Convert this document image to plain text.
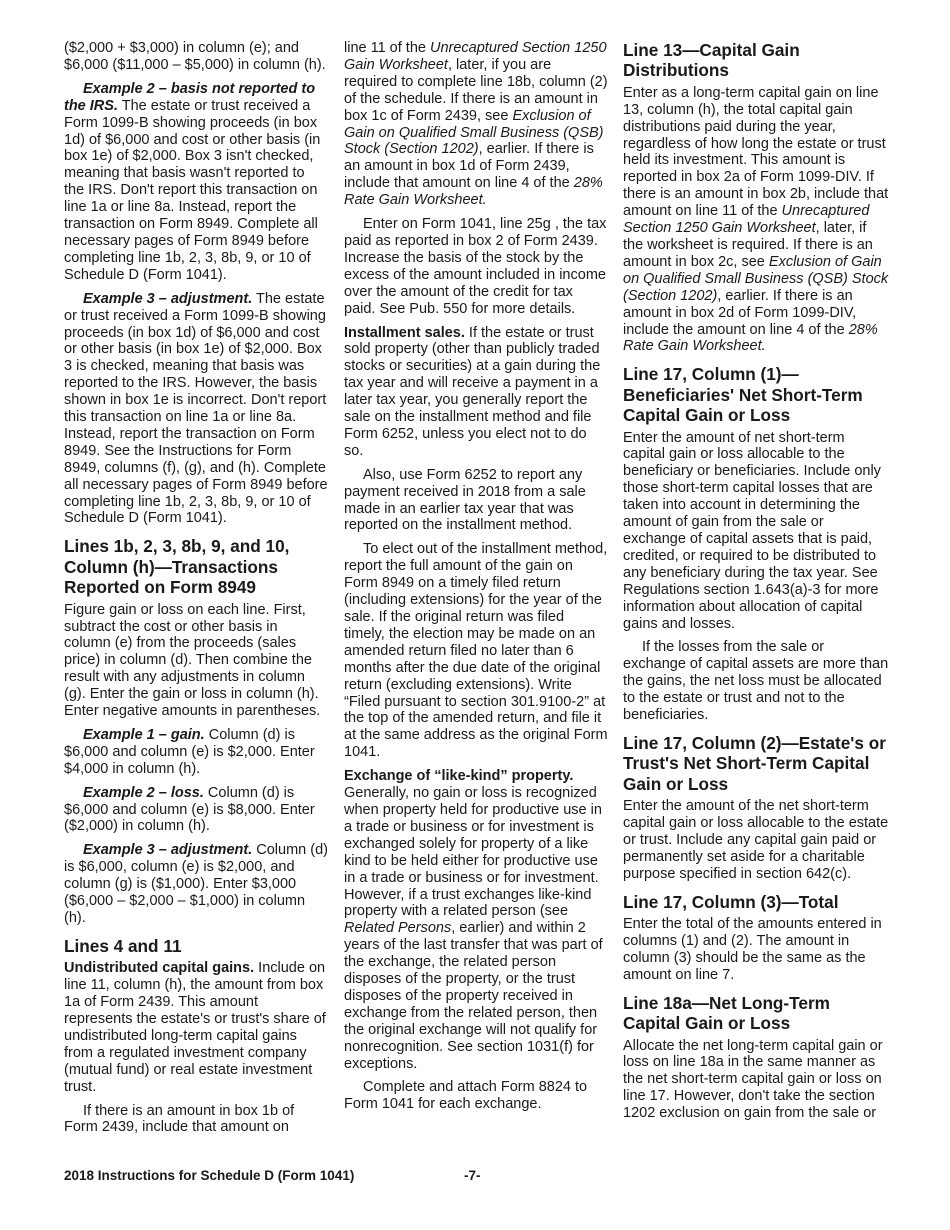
($2,000 + $3,000) in column (e); and $6,000 ($11,000 – $5,000) in column (h).

Example 2 – basis not reported to the IRS. The estate or trust received a Form 1099-B showing proceeds (in box 1d) of $6,000 and cost or other basis (in box 1e) of $2,000. Box 3 isn't checked, meaning that basis wasn't reported to the IRS. Don't report this transaction on line 1a or line 8a. Instead, report the transaction on Form 8949. Complete all necessary pages of Form 8949 before completing line 1b, 2, 3, 8b, 9, or 10 of Schedule D (Form 1041).

Example 3 – adjustment. The estate or trust received a Form 1099-B showing proceeds (in box 1d) of $6,000 and cost or other basis (in box 1e) of $2,000. Box 3 is checked, meaning that basis was reported to the IRS. However, the basis shown in box 1e is incorrect. Don't report this transaction on line 1a or line 8a. Instead, report the transaction on Form 8949. See the Instructions for Form 8949, columns (f), (g), and (h). Complete all necessary pages of Form 8949 before completing line 1b, 2, 3, 8b, 9, or 10 of Schedule D (Form 1041).

Lines 1b, 2, 3, 8b, 9, and 10, Column (h)—Transactions Reported on Form 8949

Figure gain or loss on each line. First, subtract the cost or other basis in column (e) from the proceeds (sales price) in column (d). Then combine the result with any adjustments in column (g). Enter the gain or loss in column (h). Enter negative amounts in parentheses.

Example 1 – gain. Column (d) is $6,000 and column (e) is $2,000. Enter $4,000 in column (h).

Example 2 – loss. Column (d) is $6,000 and column (e) is $8,000. Enter ($2,000) in column (h).

Example 3 – adjustment. Column (d) is $6,000, column (e) is $2,000, and column (g) is ($1,000). Enter $3,000 ($6,000 – $2,000 – $1,000) in column (h).

Lines 4 and 11

Undistributed capital gains. Include on line 11, column (h), the amount from box 1a of Form 2439. This amount represents the estate's or trust's share of undistributed long-term capital gains from a regulated investment company (mutual fund) or real estate investment trust.

If there is an amount in box 1b of Form 2439, include that amount on

line 11 of the Unrecaptured Section 1250 Gain Worksheet, later, if you are required to complete line 18b, column (2) of the schedule. If there is an amount in box 1c of Form 2439, see Exclusion of Gain on Qualified Small Business (QSB) Stock (Section 1202), earlier. If there is an amount in box 1d of Form 2439, include that amount on line 4 of the 28% Rate Gain Worksheet.

Enter on Form 1041, line 25g , the tax paid as reported in box 2 of Form 2439. Increase the basis of the stock by the excess of the amount included in income over the amount of the credit for tax paid. See Pub. 550 for more details.

Installment sales. If the estate or trust sold property (other than publicly traded stocks or securities) at a gain during the tax year and will receive a payment in a later tax year, you generally report the sale on the installment method and file Form 6252, unless you elect not to do so.

Also, use Form 6252 to report any payment received in 2018 from a sale made in an earlier tax year that was reported on the installment method.

To elect out of the installment method, report the full amount of the gain on Form 8949 on a timely filed return (including extensions) for the year of the sale. If the original return was filed timely, the election may be made on an amended return filed no later than 6 months after the due date of the original return (excluding extensions). Write “Filed pursuant to section 301.9100-2” at the top of the amended return, and file it at the same address as the original Form 1041.

Exchange of “like-kind” property.
Generally, no gain or loss is recognized when property held for productive use in a trade or business or for investment is exchanged solely for property of a like kind to be held either for productive use in a trade or business or for investment. However, if a trust exchanges like-kind property with a related person (see Related Persons, earlier) and within 2 years of the last transfer that was part of the exchange, the related person disposes of the property, or the trust disposes of the property received in exchange from the related person, then the original exchange will not qualify for nonrecognition. See section 1031(f) for exceptions.

Complete and attach Form 8824 to Form 1041 for each exchange.

Line 13—Capital Gain Distributions

Enter as a long-term capital gain on line 13, column (h), the total capital gain distributions paid during the year, regardless of how long the estate or trust held its investment. This amount is reported in box 2a of Form 1099-DIV. If there is an amount in box 2b, include that amount on line 11 of the Unrecaptured Section 1250 Gain Worksheet, later, if the worksheet is required. If there is an amount in box 2c, see Exclusion of Gain on Qualified Small Business (QSB) Stock (Section 1202), earlier. If there is an amount in box 2d of Form 1099-DIV, include the amount on line 4 of the 28% Rate Gain Worksheet.

Line 17, Column (1)—Beneficiaries' Net Short-Term Capital Gain or Loss

Enter the amount of net short-term capital gain or loss allocable to the beneficiary or beneficiaries. Include only those short-term capital losses that are taken into account in determining the amount of gain from the sale or exchange of capital assets that is paid, credited, or required to be distributed to any beneficiary during the tax year. See Regulations section 1.643(a)-3 for more information about allocation of capital gains and losses.

If the losses from the sale or exchange of capital assets are more than the gains, the net loss must be allocated to the estate or trust and not to the beneficiaries.

Line 17, Column (2)—Estate's or Trust's Net Short-Term Capital Gain or Loss

Enter the amount of the net short-term capital gain or loss allocable to the estate or trust. Include any capital gain paid or permanently set aside for a charitable purpose specified in section 642(c).

Line 17, Column (3)—Total

Enter the total of the amounts entered in columns (1) and (2). The amount in column (3) should be the same as the amount on line 7.

Line 18a—Net Long-Term Capital Gain or Loss

Allocate the net long-term capital gain or loss on line 18a in the same manner as the net short-term capital gain or loss on line 17. However, don't take the section 1202 exclusion on gain from the sale or

2018 Instructions for Schedule D (Form 1041)	-7-
